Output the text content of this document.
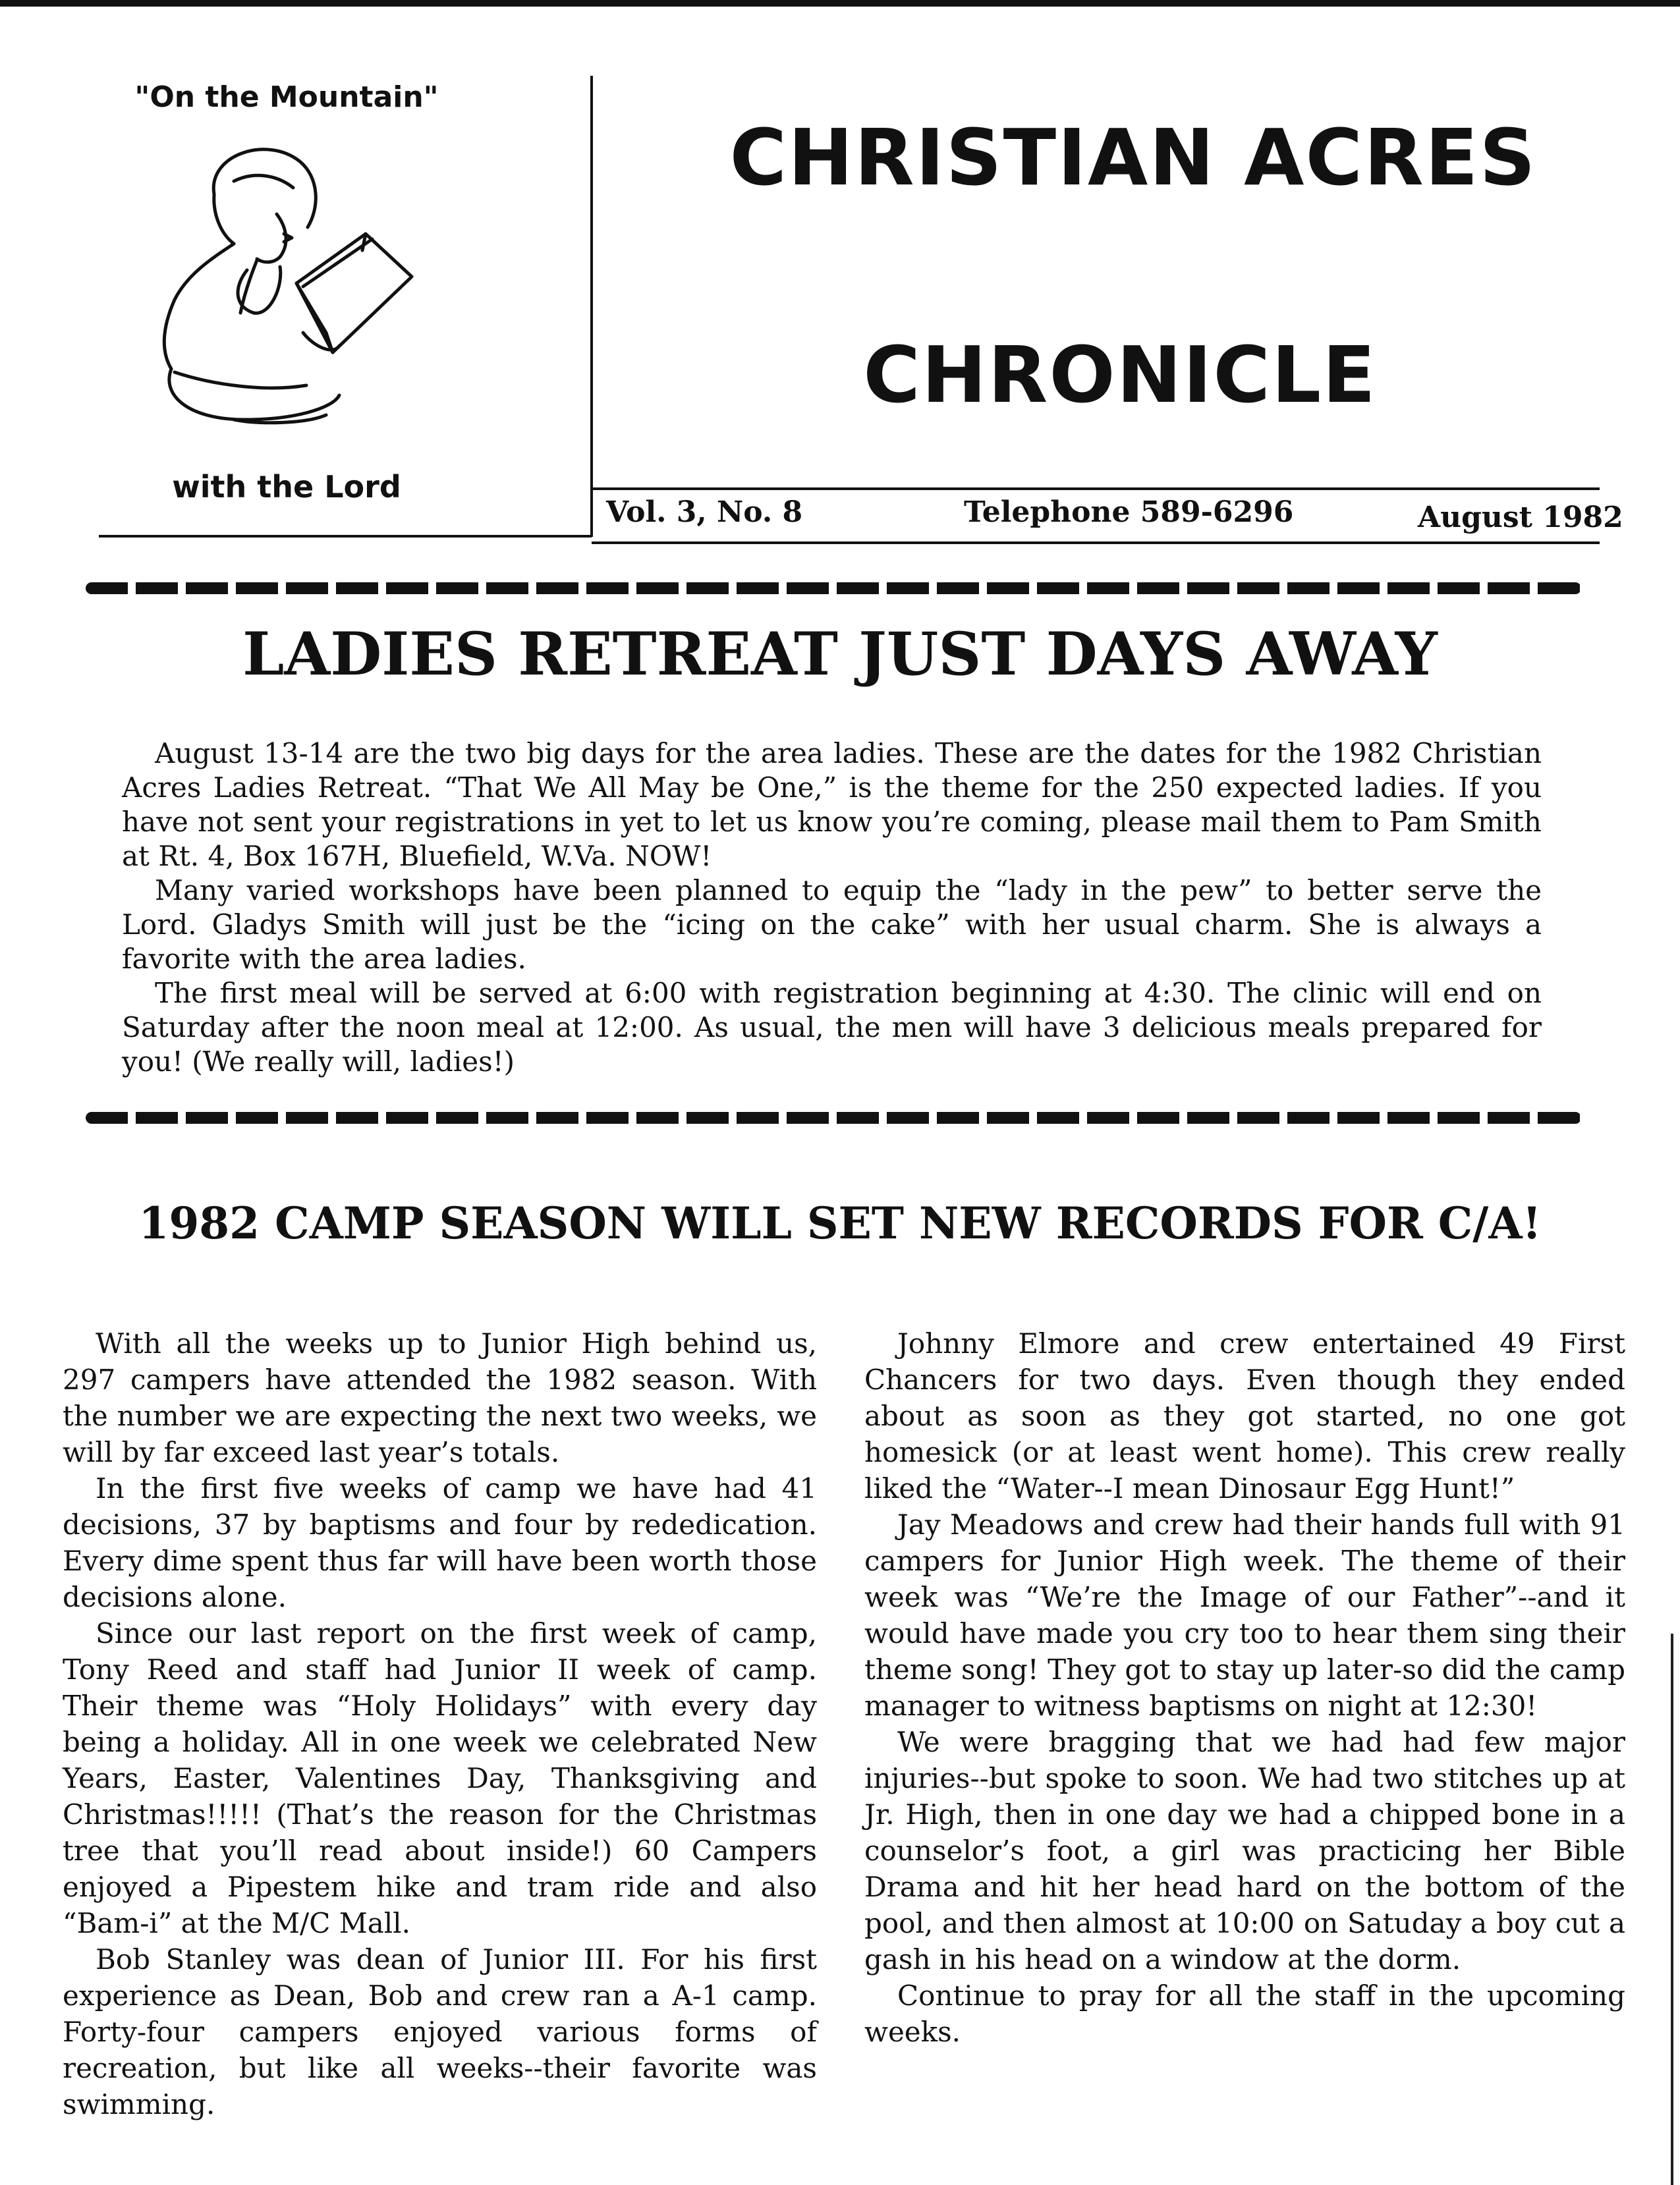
"On the Mountain"
with the Lord
CHRISTIAN ACRES
CHRONICLE
Vol. 3, No. 8	Telephone 589-6296	August 1982
LADIES RETREAT JUST DAYS AWAY

August 13-14 are the two big days for the area ladies. These are the dates for the 1982 Christian Acres Ladies Retreat. “That We All May be One,” is the theme for the 250 expected ladies. If you have not sent your registrations in yet to let us know you’re coming, please mail them to Pam Smith at Rt. 4, Box 167H, Bluefield, W.Va. NOW!

Many varied workshops have been planned to equip the “lady in the pew” to better serve the Lord. Gladys Smith will just be the “icing on the cake” with her usual charm. She is always a favorite with the area ladies.

The first meal will be served at 6:00 with registration beginning at 4:30. The clinic will end on Saturday after the noon meal at 12:00. As usual, the men will have 3 delicious meals prepared for you! (We really will, ladies!)

1982 CAMP SEASON WILL SET NEW RECORDS FOR C/A!

With all the weeks up to Junior High behind us, 297 campers have attended the 1982 season. With the number we are expecting the next two weeks, we will by far exceed last year’s totals.

In the first five weeks of camp we have had 41 decisions, 37 by baptisms and four by rededication. Every dime spent thus far will have been worth those decisions alone.

Since our last report on the first week of camp, Tony Reed and staff had Junior II week of camp. Their theme was “Holy Holidays” with every day being a holiday. All in one week we celebrated New Years, Easter, Valentines Day, Thanksgiving and Christmas!!!!! (That’s the reason for the Christmas tree that you’ll read about inside!) 60 Campers enjoyed a Pipestem hike and tram ride and also “Bam-i” at the M/C Mall.

Bob Stanley was dean of Junior III. For his first experience as Dean, Bob and crew ran a A-1 camp. Forty-four campers enjoyed various forms of recreation, but like all weeks--their favorite was swimming.

Johnny Elmore and crew entertained 49 First Chancers for two days. Even though they ended about as soon as they got started, no one got homesick (or at least went home). This crew really liked the “Water--I mean Dinosaur Egg Hunt!”

Jay Meadows and crew had their hands full with 91 campers for Junior High week. The theme of their week was “We’re the Image of our Father”--and it would have made you cry too to hear them sing their theme song! They got to stay up later-so did the camp manager to witness baptisms on night at 12:30!

We were bragging that we had had few major injuries--but spoke to soon. We had two stitches up at Jr. High, then in one day we had a chipped bone in a counselor’s foot, a girl was practicing her Bible Drama and hit her head hard on the bottom of the pool, and then almost at 10:00 on Satuday a boy cut a gash in his head on a window at the dorm.

Continue to pray for all the staff in the upcoming weeks.
